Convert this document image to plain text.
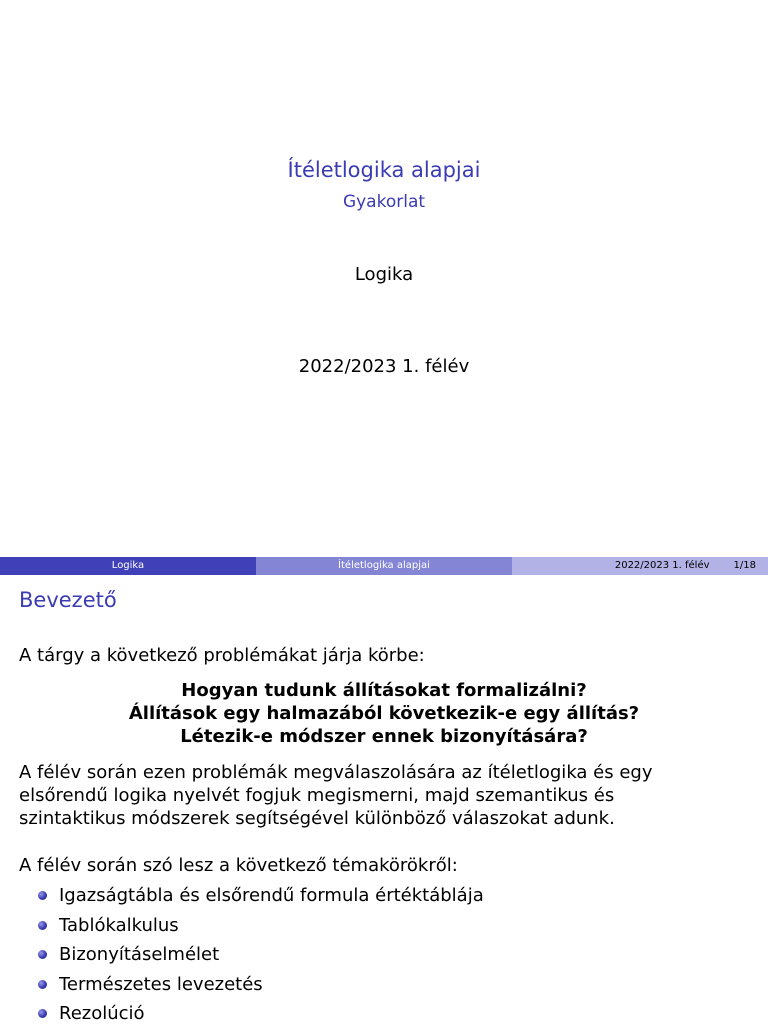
Ítéletlogika alapjai
Gyakorlat
Logika
2022/2023 1. félév
Logika	Ítéletlogika alapjai	2022/2023 1. félév 1/18
Bevezető
A tárgy a következő problémákat járja körbe:
Hogyan tudunk állításokat formalizálni?
Állítások egy halmazából következik-e egy állítás?
Létezik-e módszer ennek bizonyítására?
A félév során ezen problémák megválaszolására az ítéletlogika és egy
elsőrendű logika nyelvét fogjuk megismerni, majd szemantikus és
szintaktikus módszerek segítségével különböző válaszokat adunk.
A félév során szó lesz a következő témakörökről:
Igazságtábla és elsőrendű formula értéktáblája
Tablókalkulus
Bizonyításelmélet
Természetes levezetés
Rezolúció
